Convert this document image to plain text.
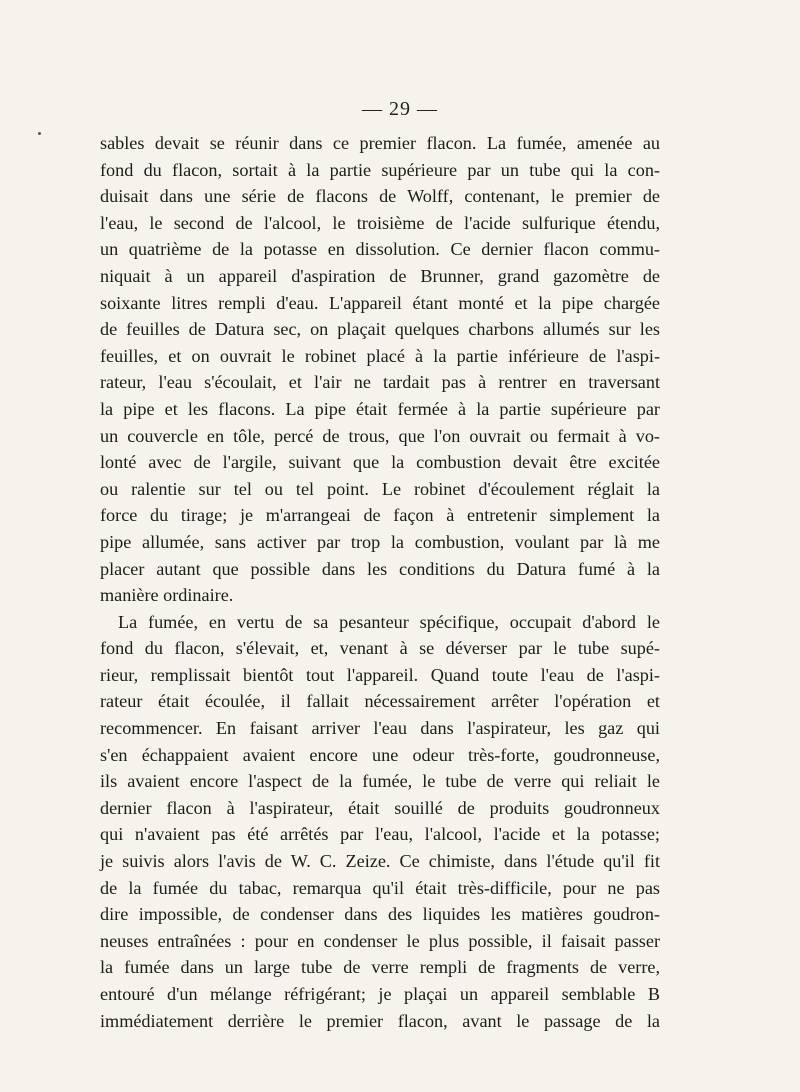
— 29 —
sables devait se réunir dans ce premier flacon. La fumée, amenée au
fond du flacon, sortait à la partie supérieure par un tube qui la con-
duisait dans une série de flacons de Wolff, contenant, le premier de
l'eau, le second de l'alcool, le troisième de l'acide sulfurique étendu,
un quatrième de la potasse en dissolution. Ce dernier flacon commu-
niquait à un appareil d'aspiration de Brunner, grand gazomètre de
soixante litres rempli d'eau. L'appareil étant monté et la pipe chargée
de feuilles de Datura sec, on plaçait quelques charbons allumés sur les
feuilles, et on ouvrait le robinet placé à la partie inférieure de l'aspi-
rateur, l'eau s'écoulait, et l'air ne tardait pas à rentrer en traversant
la pipe et les flacons. La pipe était fermée à la partie supérieure par
un couvercle en tôle, percé de trous, que l'on ouvrait ou fermait à vo-
lonté avec de l'argile, suivant que la combustion devait être excitée
ou ralentie sur tel ou tel point. Le robinet d'écoulement réglait la
force du tirage; je m'arrangeai de façon à entretenir simplement la
pipe allumée, sans activer par trop la combustion, voulant par là me
placer autant que possible dans les conditions du Datura fumé à la
manière ordinaire.
La fumée, en vertu de sa pesanteur spécifique, occupait d'abord le
fond du flacon, s'élevait, et, venant à se déverser par le tube supé-
rieur, remplissait bientôt tout l'appareil. Quand toute l'eau de l'aspi-
rateur était écoulée, il fallait nécessairement arrêter l'opération et
recommencer. En faisant arriver l'eau dans l'aspirateur, les gaz qui
s'en échappaient avaient encore une odeur très-forte, goudronneuse,
ils avaient encore l'aspect de la fumée, le tube de verre qui reliait le
dernier flacon à l'aspirateur, était souillé de produits goudronneux
qui n'avaient pas été arrêtés par l'eau, l'alcool, l'acide et la potasse;
je suivis alors l'avis de W. C. Zeize. Ce chimiste, dans l'étude qu'il fit
de la fumée du tabac, remarqua qu'il était très-difficile, pour ne pas
dire impossible, de condenser dans des liquides les matières goudron-
neuses entraînées : pour en condenser le plus possible, il faisait passer
la fumée dans un large tube de verre rempli de fragments de verre,
entouré d'un mélange réfrigérant; je plaçai un appareil semblable B
immédiatement derrière le premier flacon, avant le passage de la
